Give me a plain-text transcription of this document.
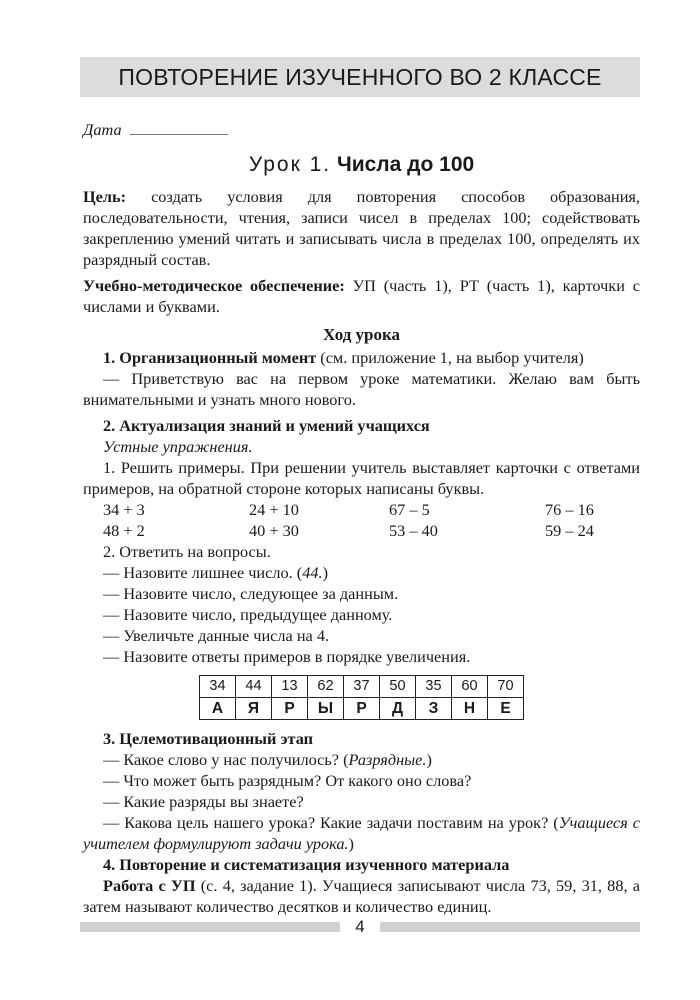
ПОВТОРЕНИЕ ИЗУЧЕННОГО ВО 2 КЛАССЕ
Дата
Урок 1. Числа до 100

Цель: создать условия для повторения способов образования, последовательности, чтения, записи чисел в пределах 100; содействовать закреплению умений читать и записывать числа в пределах 100, определять их разрядный состав.

Учебно-методическое обеспечение: УП (часть 1), РТ (часть 1), карточки с числами и буквами.

Ход урока

1. Организационный момент (см. приложение 1, на выбор учителя)

— Приветствую вас на первом уроке математики. Желаю вам быть внимательными и узнать много нового.

2. Актуализация знаний и умений учащихся

Устные упражнения.

1. Решить примеры. При решении учитель выставляет карточки с ответами примеров, на обратной стороне которых написаны буквы.

34 + 3	24 + 10	67 – 5	76 – 16
48 + 2	40 + 30	53 – 40	59 – 24

2. Ответить на вопросы.

— Назовите лишнее число. (44.)

— Назовите число, следующее за данным.

— Назовите число, предыдущее данному.

— Увеличьте данные числа на 4.

— Назовите ответы примеров в порядке увеличения.

34	44	13	62	37	50	35	60	70
А	Я	Р	Ы	Р	Д	З	Н	Е

3. Целемотивационный этап

— Какое слово у нас получилось? (Разрядные.)

— Что может быть разрядным? От какого оно слова?

— Какие разряды вы знаете?

— Какова цель нашего урока? Какие задачи поставим на урок? (Учащиеся с учителем формулируют задачи урока.)

4. Повторение и систематизация изученного материала

Работа с УП (с. 4, задание 1). Учащиеся записывают числа 73, 59, 31, 88, а затем называют количество десятков и количество единиц.

4
